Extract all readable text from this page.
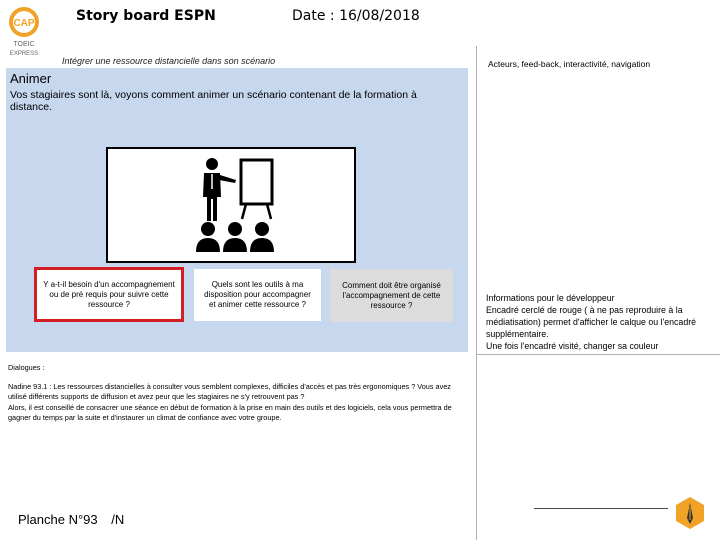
CAP
TOEIC
EXPRESS
Story board ESPN	Date : 16/08/2018
Intégrer une ressource distancielle dans son scénario
Animer
Vos stagiaires sont là, voyons comment animer un scénario contenant de la formation à distance.
Y a-t-il besoin d'un accompagnement ou de pré requis pour suivre cette ressource ?
Quels sont les outils à ma disposition pour accompagner et animer cette ressource ?
Comment doit être organisé l'accompagnement de cette ressource ?

Dialogues :

Nadine 93.1 : Les ressources distancielles à consulter vous semblent complexes, difficiles d'accès et pas très ergonomiques ? Vous avez utilisé différents supports de diffusion et avez peur que les stagiaires ne s'y retrouvent pas ?

Alors, il est conseillé de consacrer une séance en début de formation à la prise en main des outils et des logiciels, cela vous permettra de gagner du temps par la suite et d'instaurer un climat de confiance avec votre groupe.

Planche N°93 /N
Acteurs, feed-back, interactivité, navigation

Informations pour le développeur

Encadré cerclé de rouge ( à ne pas reproduire à la médiatisation) permet d'afficher le calque ou l'encadré supplémentaire.

Une fois l'encadré visité, changer sa couleur
